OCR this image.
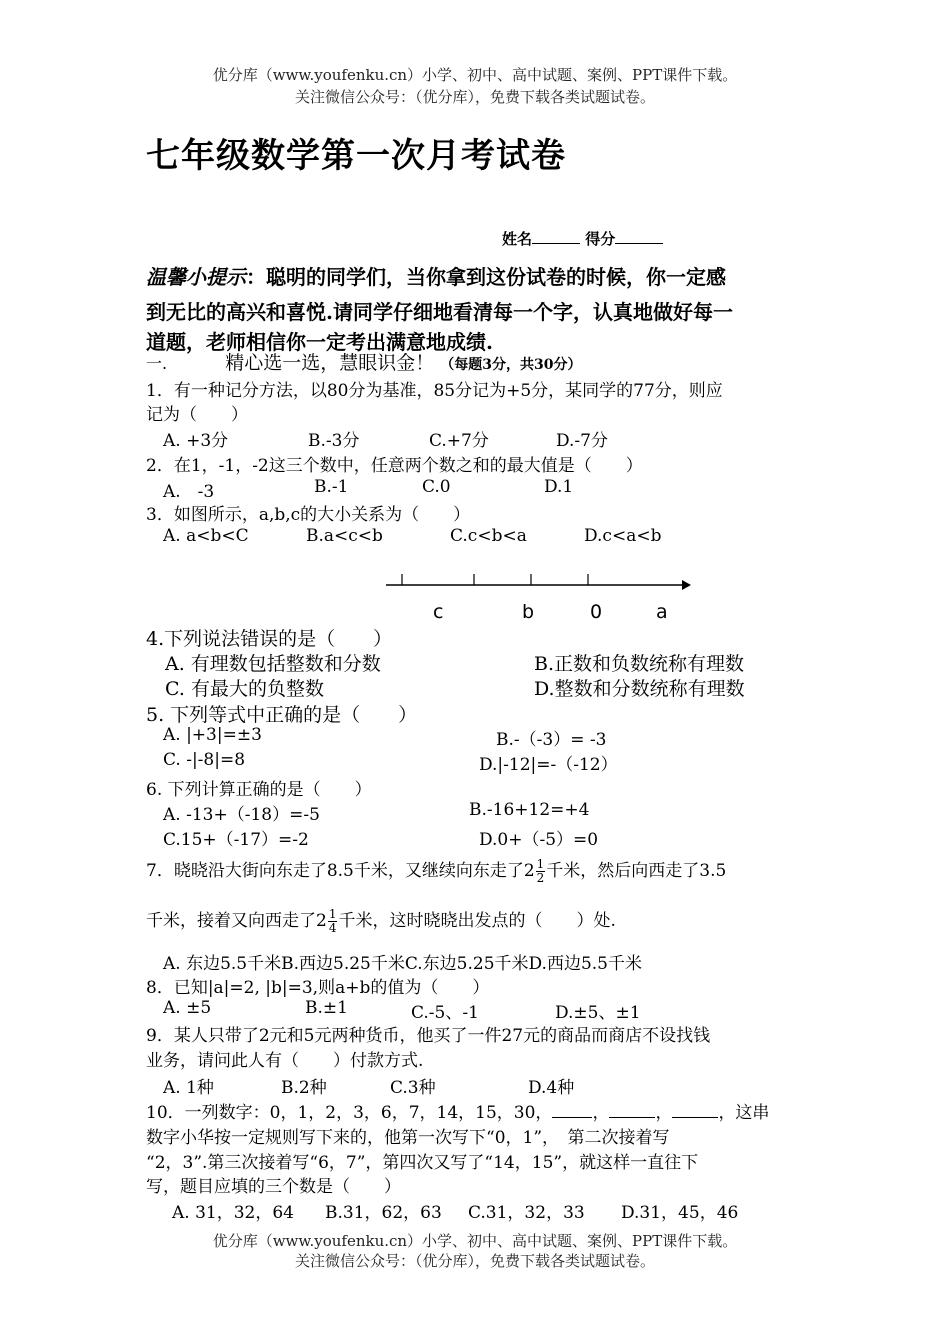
优分库（www.youfenku.cn）小学、初中、高中试题、案例、PPT课件下载。
关注微信公众号：（优分库），免费下载各类试题试卷。
七年级数学第一次月考试卷
姓名	得分
温馨小提示：聪明的同学们，当你拿到这份试卷的时候，你一定感
到无比的高兴和喜悦.请同学仔细地看清每一个字，认真地做好每一
道题，老师相信你一定考出满意地成绩.
一.	精心选一选，慧眼识金！ （每题3分，共30分）
1．有一种记分方法，以80分为基准，85分记为+5分，某同学的77分，则应
记为（　　）
A. +3分	B.-3分	C.+7分	D.-7分
2．在1，-1，-2这三个数中，任意两个数之和的最大值是（　　）
A.　-3	B.-1	C.0	D.1
3．如图所示，a,b,c的大小关系为（　　）
A. a<b<C	B.a<c<b	C.c<b<a	D.c<a<b
c	b	0	a
4.下列说法错误的是（　　）
A. 有理数包括整数和分数	B.正数和负数统称有理数
C. 有最大的负整数	D.整数和分数统称有理数
5. 下列等式中正确的是（　　）
A. |+3|=±3	B.-（-3）= -3
C. -|-8|=8	D.|-12|=-（-12）
6. 下列计算正确的是（　　）
A. -13+（-18）=-5	B.-16+12=+4
C.15+（-17）=-2	D.0+（-5）=0
7．晓晓沿大街向东走了8.5千米，又继续向东走了$2 \frac{1}{2}$ 千米，然后向西走了3.5
千米，接着又向西走了$2 \frac{1}{4}$ 千米，这时晓晓出发点的（　　）处.
A. 东边5.5千米B.西边5.25千米C.东边5.25千米D.西边5.5千米
8．已知|a|=2, |b|=3,则a+b的值为（　　）
A. ±5	B.±1	C.-5、-1	D.±5、±1
9．某人只带了2元和5元两种货币，他买了一件27元的商品而商店不设找钱
业务，请问此人有（　　）付款方式.
A. 1种	B.2种	C.3种	D.4种
10．一列数字：0，1，2，3，6，7，14，15，30， ，	，	，这串
数字小华按一定规则写下来的，他第一次写下“0，1”，　第二次接着写
“2，3”.第三次接着写“6，7”，第四次又写了“14，15”，就这样一直往下
写，题目应填的三个数是（　　）
A. 31，32，64 B.31，62，63 C.31，32，33 D.31，45，46
优分库（www.youfenku.cn）小学、初中、高中试题、案例、PPT课件下载。
关注微信公众号：（优分库），免费下载各类试题试卷。
